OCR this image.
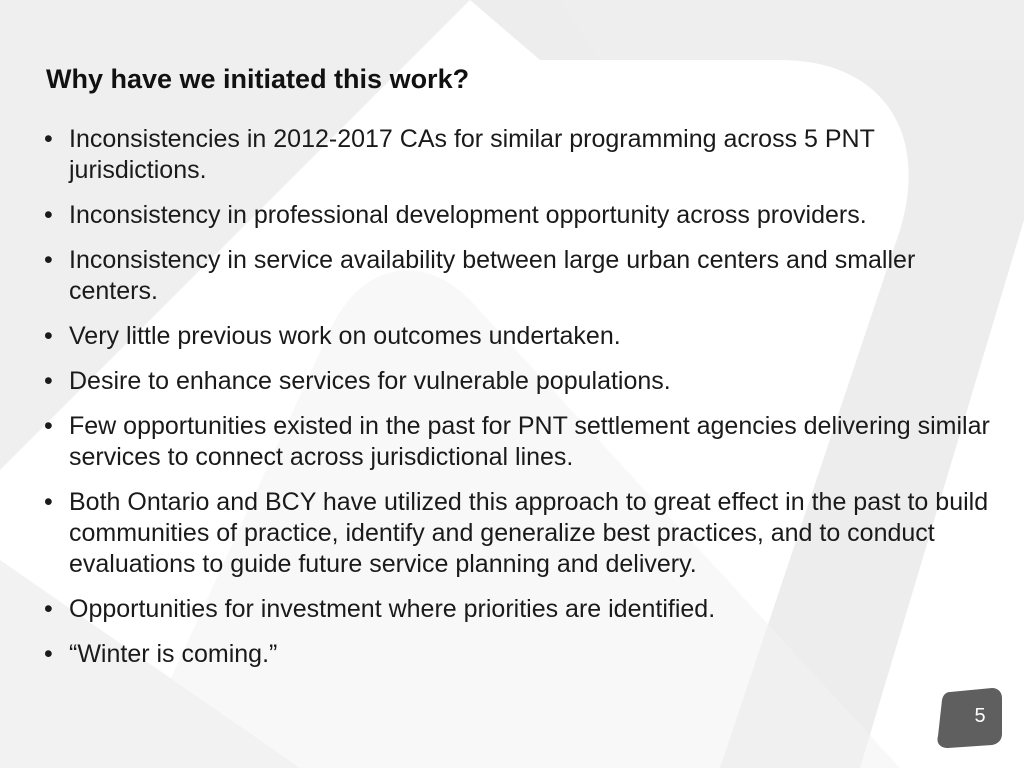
Why have we initiated this work?
• Inconsistencies in 2012-2017 CAs for similar programming across 5 PNT jurisdictions.
• Inconsistency in professional development opportunity across providers.
• Inconsistency in service availability between large urban centers and smaller centers.
• Very little previous work on outcomes undertaken.
• Desire to enhance services for vulnerable populations.
• Few opportunities existed in the past for PNT settlement agencies delivering similar services to connect across jurisdictional lines.
• Both Ontario and BCY have utilized this approach to great effect in the past to build communities of practice, identify and generalize best practices, and to conduct evaluations to guide future service planning and delivery.
• Opportunities for investment where priorities are identified.
• “Winter is coming.”
5
